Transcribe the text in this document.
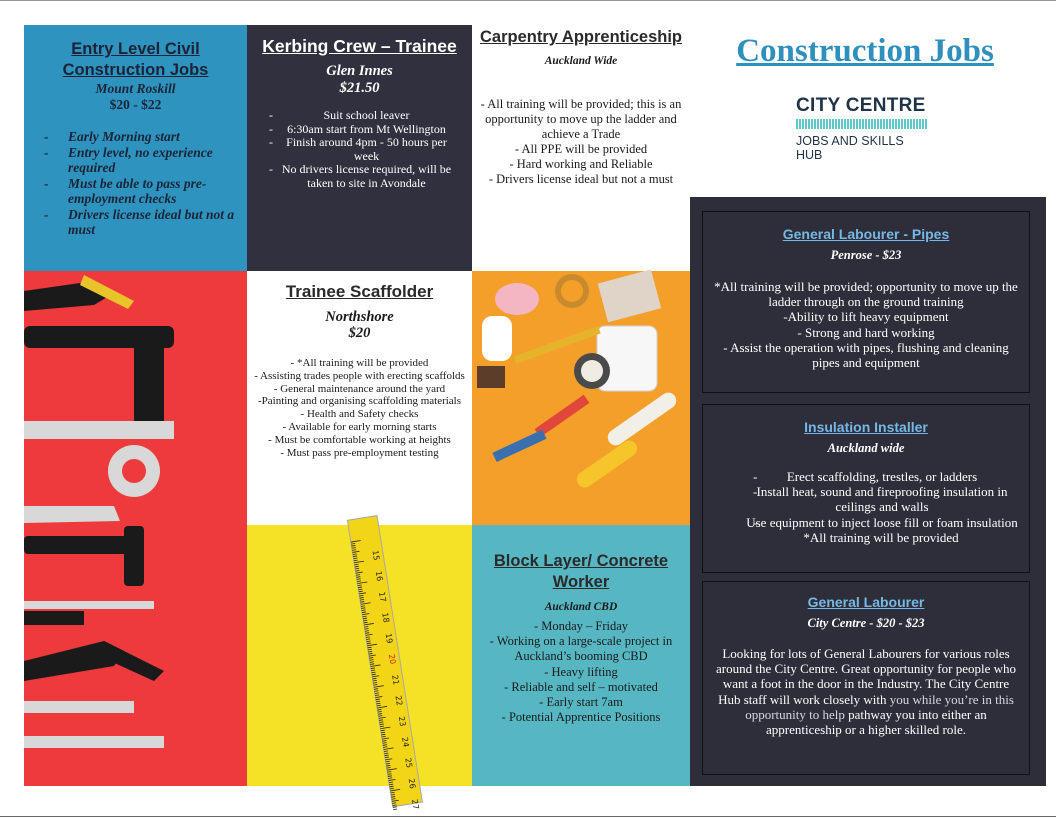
Entry Level Civil Construction Jobs
Mount Roskill
$20 - $22
- Early Morning start
- Entry level, no experience required
- Must be able to pass pre-employment checks
- Drivers license ideal but not a must
Kerbing Crew – Trainee
Glen Innes
$21.50
- Suit school leaver
- 6:30am start from Mt Wellington
- Finish around 4pm - 50 hours per week
- No drivers license required, will be taken to site in Avondale
Carpentry Apprenticeship
Auckland Wide
- All training will be provided; this is an opportunity to move up the ladder and achieve a Trade
- All PPE will be provided
- Hard working and Reliable
- Drivers license ideal but not a must
Construction Jobs
CITY CENTRE
JOBS AND SKILLS HUB
Trainee Scaffolder
Northshore
$20
- *All training will be provided
- Assisting trades people with erecting scaffolds
- General maintenance around the yard
-Painting and organising scaffolding materials
- Health and Safety checks
- Available for early morning starts
- Must be comfortable working at heights
- Must pass pre-employment testing
15
16
17
18
19
20
21
22
23
24
25
26
27
Block Layer/ Concrete Worker
Auckland CBD
- Monday – Friday
- Working on a large-scale project in Auckland’s booming CBD
- Heavy lifting
- Reliable and self – motivated
- Early start 7am
- Potential Apprentice Positions
General Labourer - Pipes
Penrose - $23
*All training will be provided; opportunity to move up the ladder through on the ground training
-Ability to lift heavy equipment
- Strong and hard working
- Assist the operation with pipes, flushing and cleaning pipes and equipment
Insulation Installer
Auckland wide
- Erect scaffolding, trestles, or ladders
- Install heat, sound and fireproofing insulation in ceilings and walls
- Use equipment to inject loose fill or foam insulation
*All training will be provided
General Labourer
City Centre - $20 - $23
Looking for lots of General Labourers for various roles around the City Centre. Great opportunity for people who want a foot in the door in the Industry. The City Centre Hub staff will work closely with you while you’re in this opportunity to help pathway you into either an apprenticeship or a higher skilled role.
